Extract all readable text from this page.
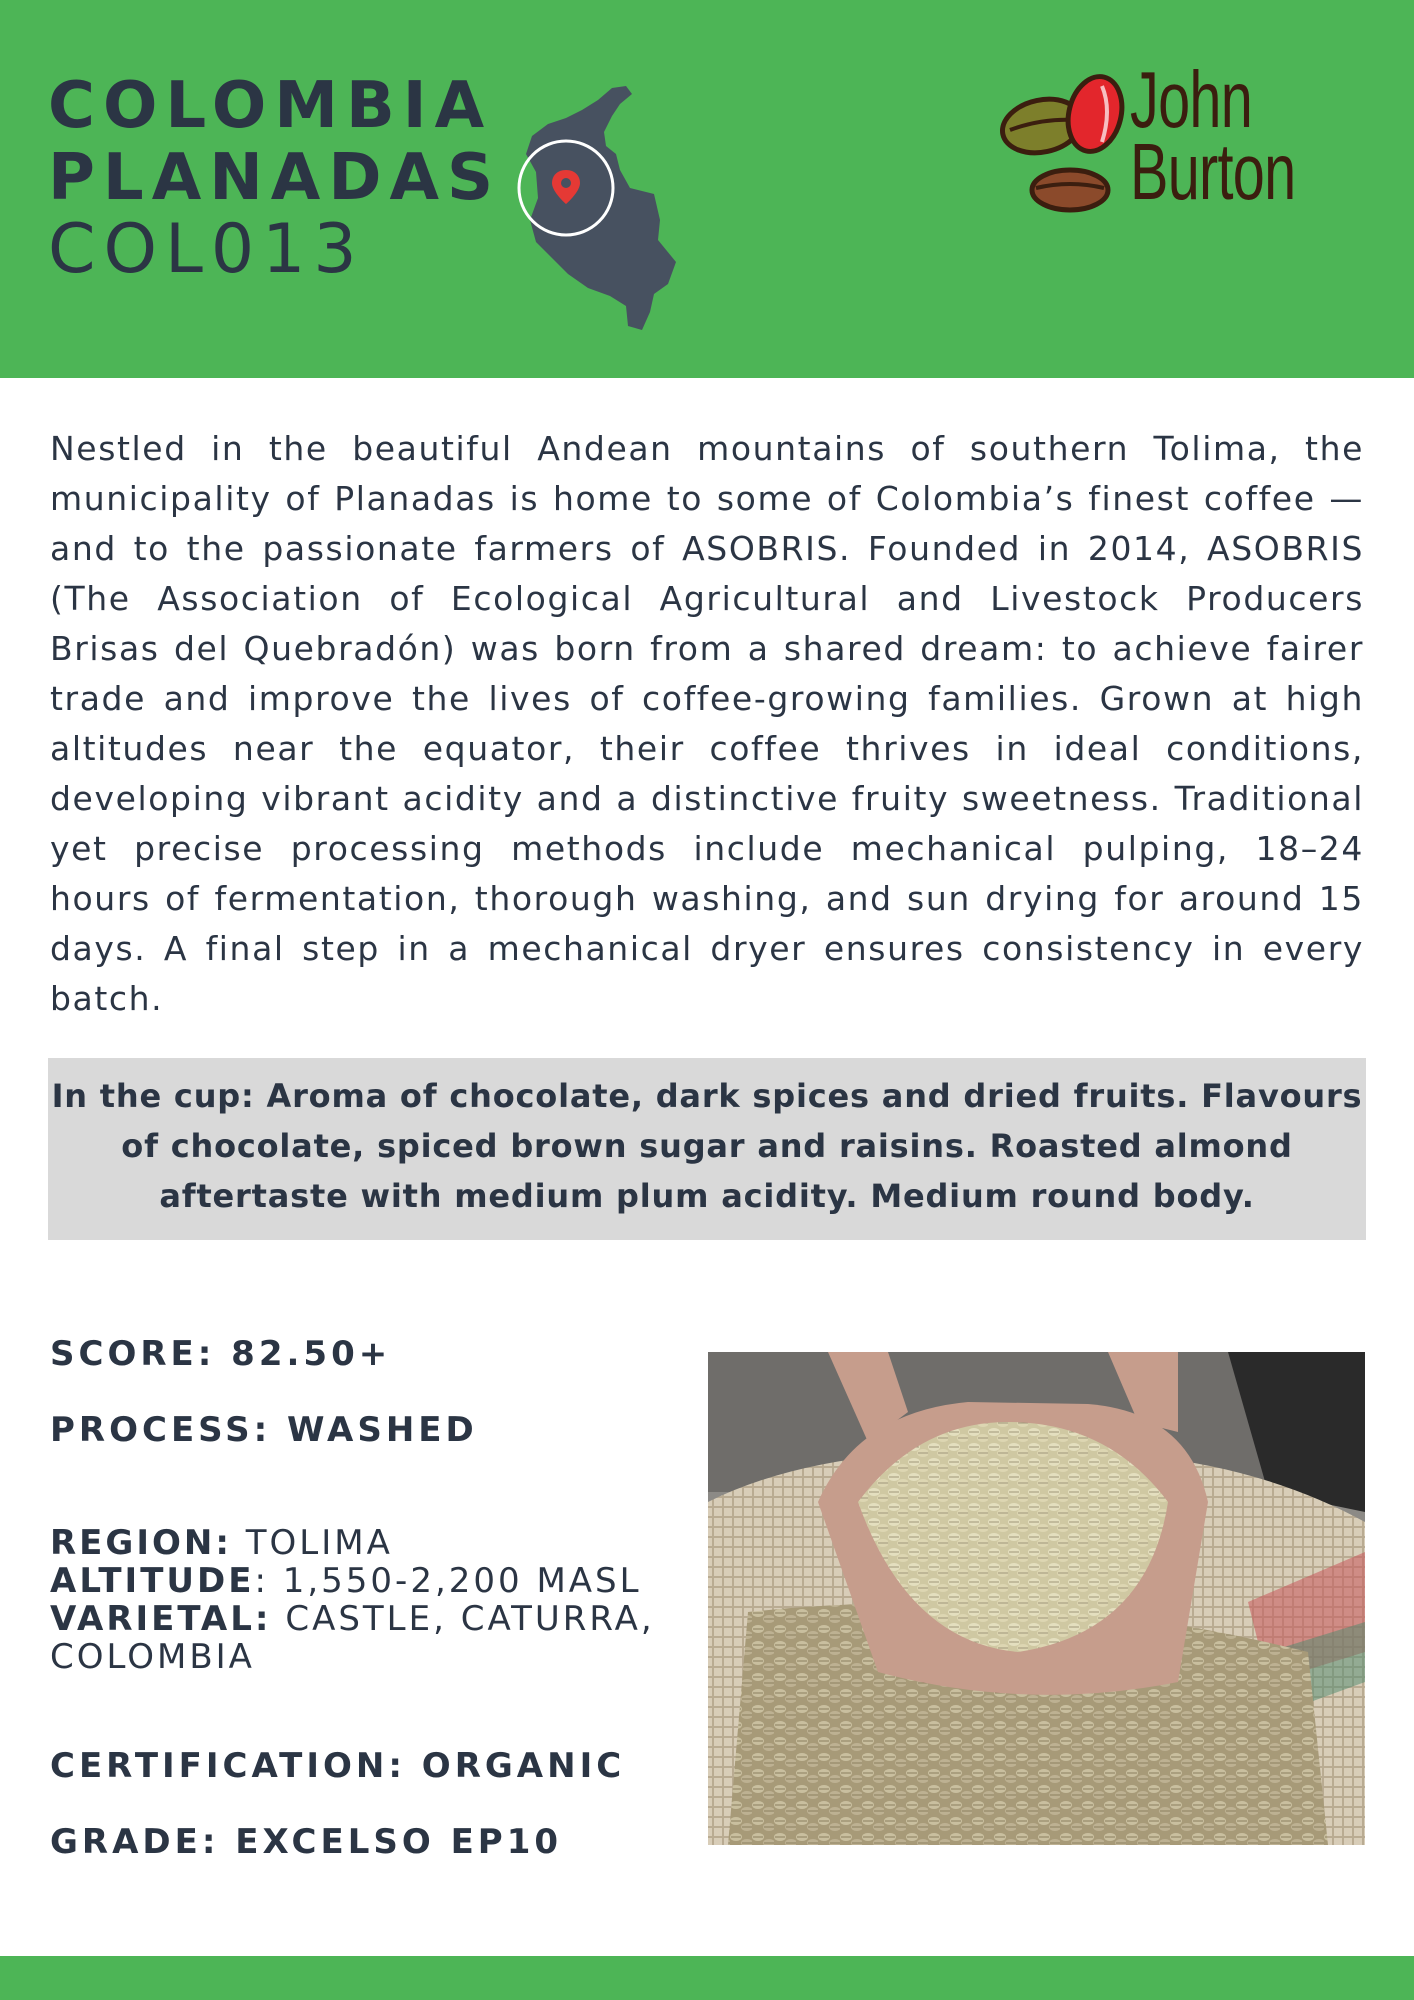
COLOMBIA
PLANADAS
COL013
John
Burton
Nestled in the beautiful Andean mountains of southern Tolima, the municipality of Planadas is home to some of Colombia’s finest coffee —and to the passionate farmers of ASOBRIS. Founded in 2014, ASOBRIS (The Association of Ecological Agricultural and Livestock Producers Brisas del Quebradón) was born from a shared dream: to achieve fairer trade and improve the lives of coffee-growing families. Grown at high altitudes near the equator, their coffee thrives in ideal conditions, developing vibrant acidity and a distinctive fruity sweetness. Traditional yet precise processing methods include mechanical pulping, 18–24 hours of fermentation, thorough washing, and sun drying for around 15 days. A final step in a mechanical dryer ensures consistency in every batch.
In the cup: Aroma of chocolate, dark spices and dried fruits. Flavours of chocolate, spiced brown sugar and raisins. Roasted almond aftertaste with medium plum acidity. Medium round body.
SCORE: 82.50+
PROCESS: WASHED
REGION: TOLIMA
ALTITUDE: 1,550-2,200 MASL
VARIETAL: CASTLE, CATURRA, COLOMBIA
CERTIFICATION: ORGANIC
GRADE: EXCELSO EP10
